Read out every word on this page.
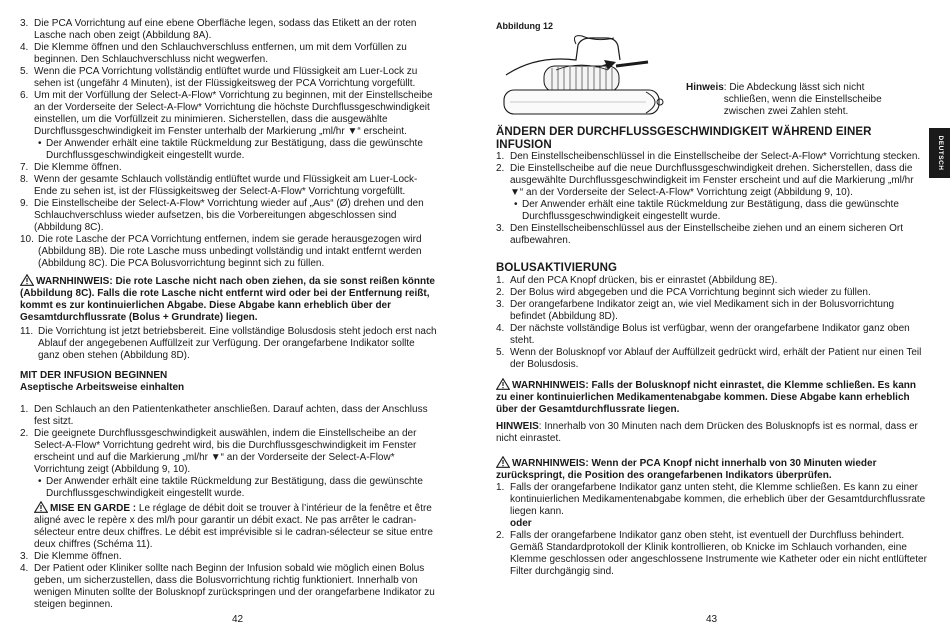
3. Die PCA Vorrichtung auf eine ebene Oberfläche legen, sodass das Etikett an der roten Lasche nach oben zeigt (Abbildung 8A).
4. Die Klemme öffnen und den Schlauchverschluss entfernen, um mit dem Vorfüllen zu beginnen. Den Schlauchverschluss nicht wegwerfen.
5. Wenn die PCA Vorrichtung vollständig entlüftet wurde und Flüssigkeit am Luer-Lock zu sehen ist (ungefähr 4 Minuten), ist der Flüssigkeitsweg der PCA Vorrichtung vorgefüllt.
6. Um mit der Vorfüllung der Select-A-Flow* Vorrichtung zu beginnen, mit der Einstellscheibe an der Vorderseite der Select-A-Flow* Vorrichtung die höchste Durchflussgeschwindigkeit einstellen, um die Vorfüllzeit zu minimieren. Sicherstellen, dass die ausgewählte Durchflussgeschwindigkeit im Fenster unterhalb der Markierung „ml/hr ▼“ erscheint.
• Der Anwender erhält eine taktile Rückmeldung zur Bestätigung, dass die gewünschte Durchflussgeschwindigkeit eingestellt wurde.
7. Die Klemme öffnen.
8. Wenn der gesamte Schlauch vollständig entlüftet wurde und Flüssigkeit am Luer-Lock-Ende zu sehen ist, ist der Flüssigkeitsweg der Select-A-Flow* Vorrichtung vorgefüllt.
9. Die Einstellscheibe der Select-A-Flow* Vorrichtung wieder auf „Aus“ (Ø) drehen und den Schlauchverschluss wieder aufsetzen, bis die Vorbereitungen abgeschlossen sind (Abbildung 8C).
10. Die rote Lasche der PCA Vorrichtung entfernen, indem sie gerade herausgezogen wird (Abbildung 8B). Die rote Lasche muss unbedingt vollständig und intakt entfernt werden (Abbildung 8C). Die PCA Bolusvorrichtung beginnt sich zu füllen.
WARNHINWEIS: Die rote Lasche nicht nach oben ziehen, da sie sonst reißen könnte (Abbildung 8C). Falls die rote Lasche nicht entfernt wird oder bei der Entfernung reißt, kommt es zur kontinuierlichen Abgabe. Diese Abgabe kann erheblich über der Gesamtdurchflussrate (Bolus + Grundrate) liegen.
11. Die Vorrichtung ist jetzt betriebsbereit. Eine vollständige Bolusdosis steht jedoch erst nach Ablauf der angegebenen Auffüllzeit zur Verfügung. Der orangefarbene Indikator sollte ganz oben stehen (Abbildung 8D).
MIT DER INFUSION BEGINNEN
Aseptische Arbeitsweise einhalten
1. Den Schlauch an den Patientenkatheter anschließen. Darauf achten, dass der Anschluss fest sitzt.
2. Die geeignete Durchflussgeschwindigkeit auswählen, indem die Einstellscheibe an der Select-A-Flow* Vorrichtung gedreht wird, bis die Durchflussgeschwindigkeit im Fenster erscheint und auf die Markierung „ml/hr ▼“ an der Vorderseite der Select-A-Flow* Vorrichtung zeigt (Abbildung 9, 10).
• Der Anwender erhält eine taktile Rückmeldung zur Bestätigung, dass die gewünschte Durchflussgeschwindigkeit eingestellt wurde.
MISE EN GARDE : Le réglage de débit doit se trouver à l’intérieur de la fenêtre et être aligné avec le repère x des ml/h pour garantir un débit exact. Ne pas arrêter le cadran-sélecteur entre deux chiffres. Le débit est imprévisible si le cadran-sélecteur se situe entre deux chiffres (Schéma 11).
3. Die Klemme öffnen.
4. Der Patient oder Kliniker sollte nach Beginn der Infusion sobald wie möglich einen Bolus geben, um sicherzustellen, dass die Bolusvorrichtung richtig funktioniert. Innerhalb von wenigen Minuten sollte der Bolusknopf zurückspringen und der orangefarbene Indikator zu steigen beginnen.
42
Abbildung 12
Hinweis : Die Abdeckung lässt sich nicht schließen, wenn die Einstellscheibe zwischen zwei Zahlen steht.
ÄNDERN DER DURCHFLUSSGESCHWINDIGKEIT WÄHREND EINER INFUSION
1. Den Einstellscheibenschlüssel in die Einstellscheibe der Select-A-Flow* Vorrichtung stecken.
2. Die Einstellscheibe auf die neue Durchflussgeschwindigkeit drehen. Sicherstellen, dass die ausgewählte Durchflussgeschwindigkeit im Fenster erscheint und auf die Markierung „ml/hr ▼“ an der Vorderseite der Select-A-Flow* Vorrichtung zeigt (Abbildung 9, 10).
• Der Anwender erhält eine taktile Rückmeldung zur Bestätigung, dass die gewünschte Durchflussgeschwindigkeit eingestellt wurde.
3. Den Einstellscheibenschlüssel aus der Einstellscheibe ziehen und an einem sicheren Ort aufbewahren.
BOLUSAKTIVIERUNG
1. Auf den PCA Knopf drücken, bis er einrastet (Abbildung 8E).
2. Der Bolus wird abgegeben und die PCA Vorrichtung beginnt sich wieder zu füllen.
3. Der orangefarbene Indikator zeigt an, wie viel Medikament sich in der Bolusvorrichtung befindet (Abbildung 8D).
4. Der nächste vollständige Bolus ist verfügbar, wenn der orangefarbene Indikator ganz oben steht.
5. Wenn der Bolusknopf vor Ablauf der Auffüllzeit gedrückt wird, erhält der Patient nur einen Teil der Bolusdosis.
WARNHINWEIS: Falls der Bolusknopf nicht einrastet, die Klemme schließen. Es kann zu einer kontinuierlichen Medikamentenabgabe kommen. Diese Abgabe kann erheblich über der Gesamtdurchflussrate liegen.
HINWEIS: Innerhalb von 30 Minuten nach dem Drücken des Bolusknopfs ist es normal, dass er nicht einrastet.
WARNHINWEIS: Wenn der PCA Knopf nicht innerhalb von 30 Minuten wieder zurückspringt, die Position des orangefarbenen Indikators überprüfen.
1. Falls der orangefarbene Indikator ganz unten steht, die Klemme schließen. Es kann zu einer kontinuierlichen Medikamentenabgabe kommen, die erheblich über der Gesamtdurchflussrate liegen kann.
oder
2. Falls der orangefarbene Indikator ganz oben steht, ist eventuell der Durchfluss behindert. Gemäß Standardprotokoll der Klinik kontrollieren, ob Knicke im Schlauch vorhanden, eine Klemme geschlossen oder angeschlossene Instrumente wie Katheter oder ein nicht entlüfteter Filter durchgängig sind.
43
DEUTSCH
